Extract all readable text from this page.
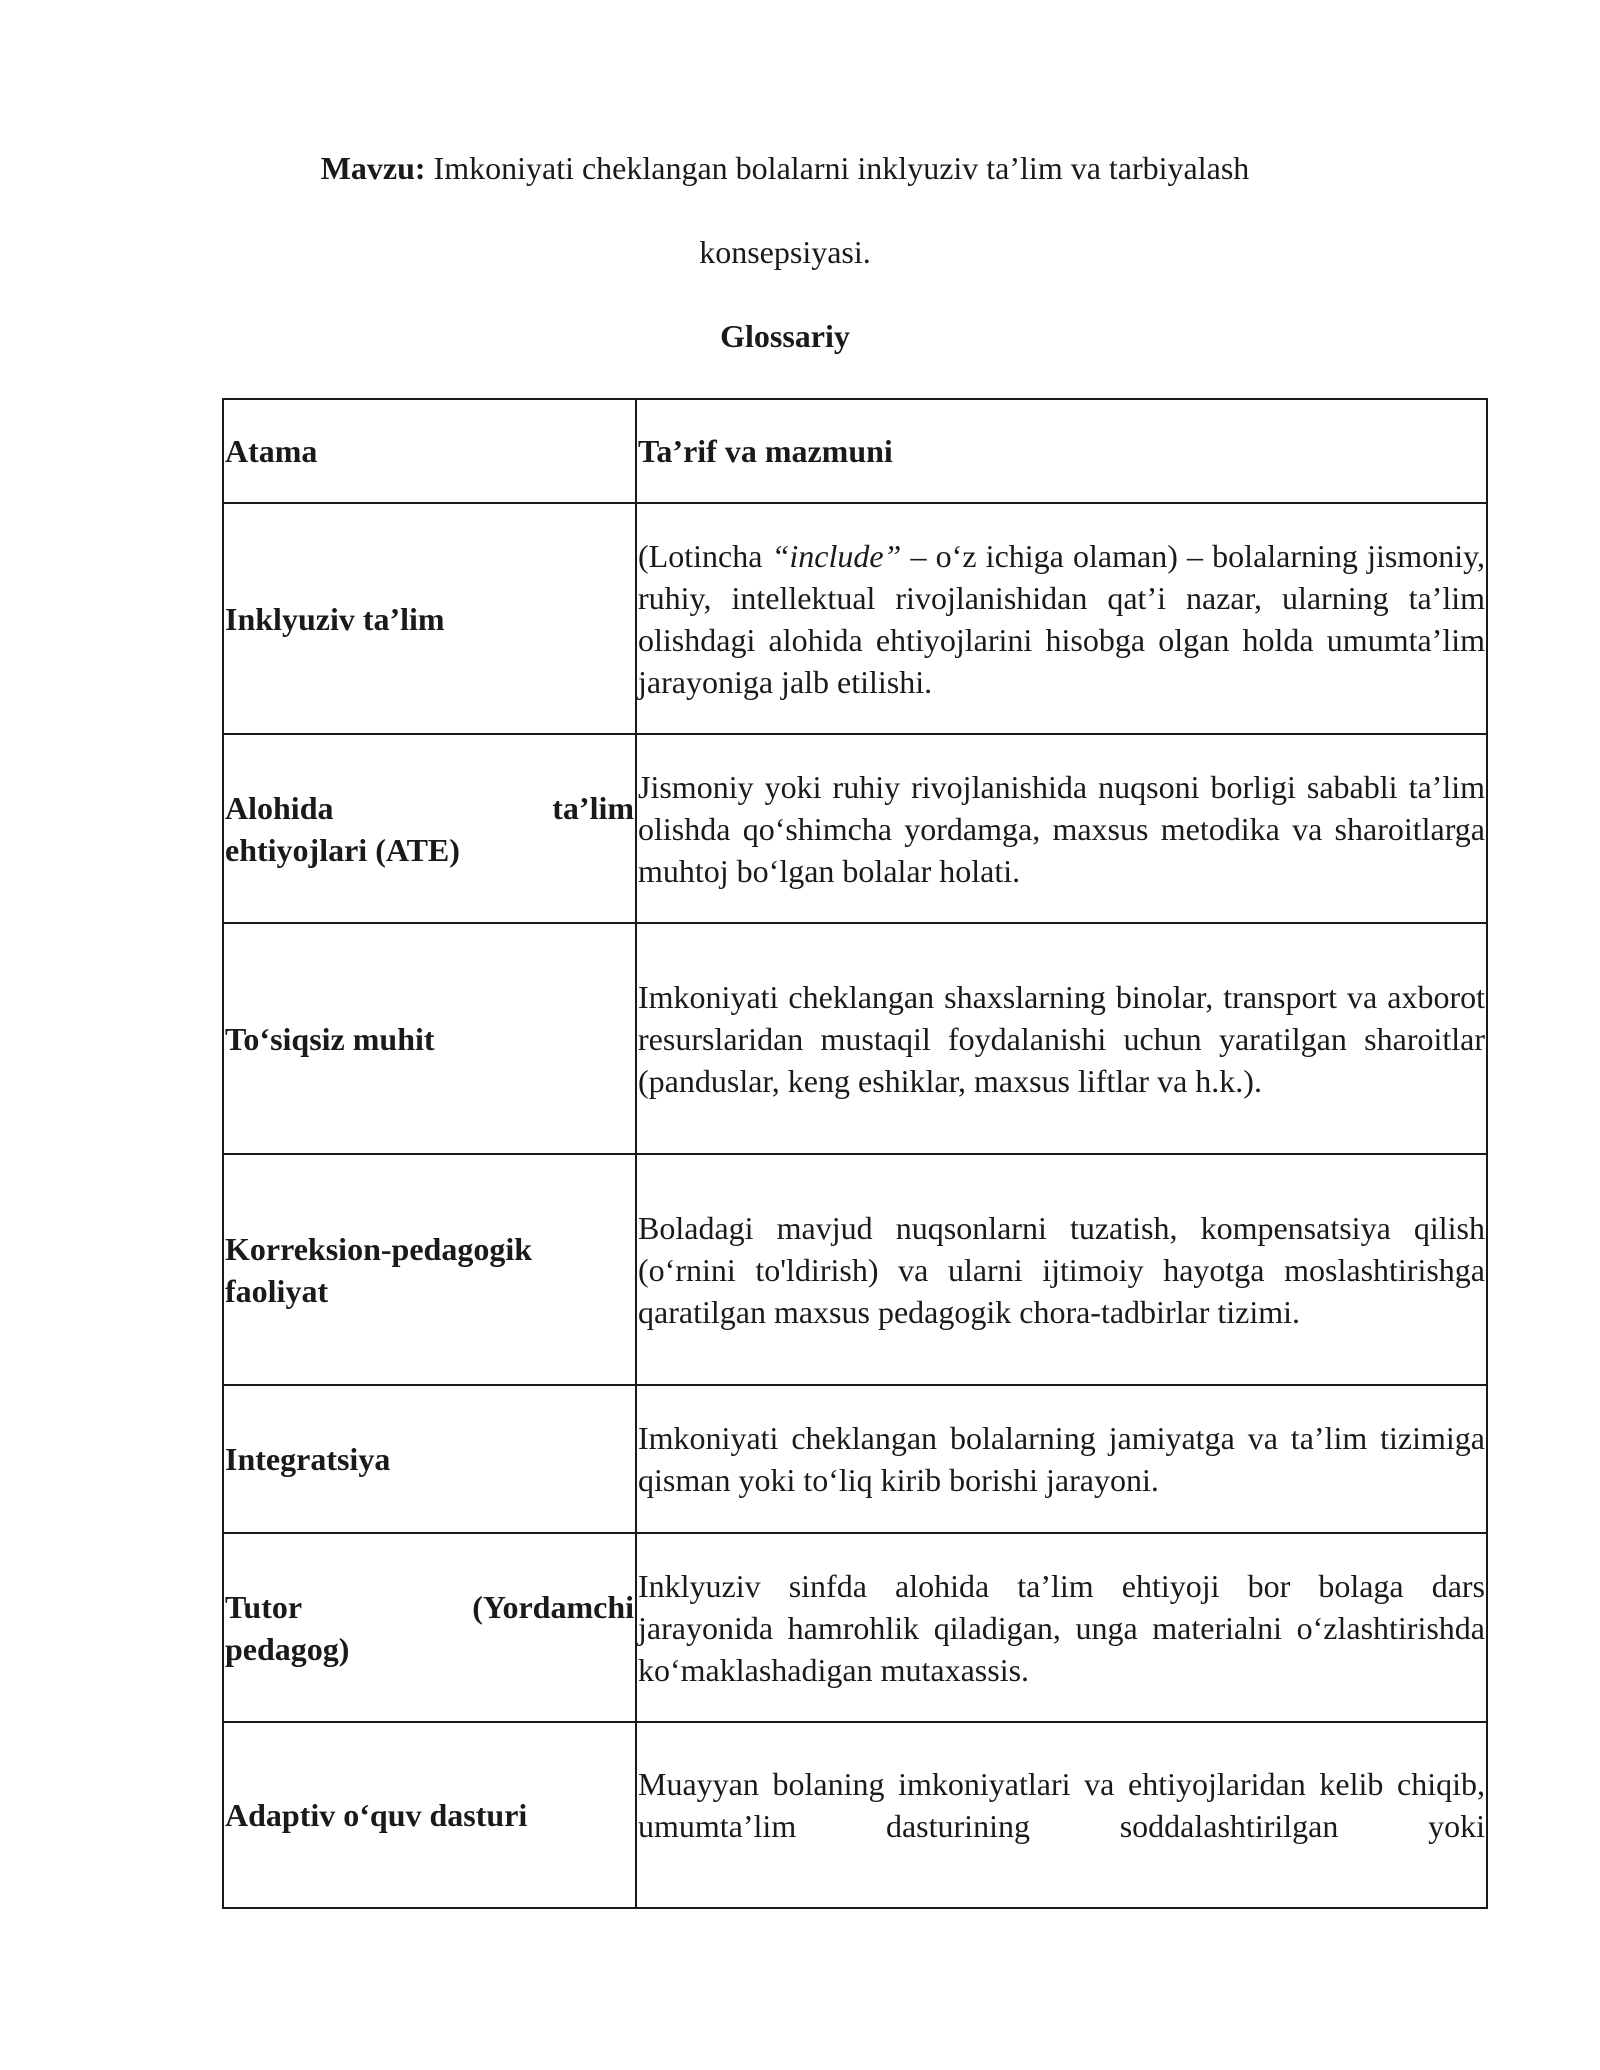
Mavzu: Imkoniyati cheklangan bolalarni inklyuziv ta’lim va tarbiyalash
konsepsiyasi.
Glossariy
Atama	Ta’rif va mazmuni
Inklyuziv ta’lim	(Lotincha “include” – o‘z ichiga olaman) – bolalarning jismoniy, ruhiy, intellektual rivojlanishidan qat’i nazar, ularning ta’lim olishdagi alohida ehtiyojlarini hisobga olgan holda umumta’lim jarayoniga jalb etilishi.

Alohida ta’lim
ehtiyojlari (ATE)	Jismoniy yoki ruhiy rivojlanishida nuqsoni borligi sababli ta’lim olishda qo‘shimcha yordamga, maxsus metodika va sharoitlarga muhtoj bo‘lgan bolalar holati.
To‘siqsiz muhit	Imkoniyati cheklangan shaxslarning binolar, transport va axborot resurslaridan mustaqil foydalanishi uchun yaratilgan sharoitlar (panduslar, keng eshiklar, maxsus liftlar va h.k.).
Korreksion-pedagogik faoliyat	Boladagi mavjud nuqsonlarni tuzatish, kompensatsiya qilish (o‘rnini to'ldirish) va ularni ijtimoiy hayotga moslashtirishga qaratilgan maxsus pedagogik chora-tadbirlar tizimi.
Integratsiya	Imkoniyati cheklangan bolalarning jamiyatga va ta’lim tizimiga qisman yoki to‘liq kirib borishi jarayoni.

Tutor (Yordamchi
pedagog)	Inklyuziv sinfda alohida ta’lim ehtiyoji bor bolaga dars jarayonida hamrohlik qiladigan, unga materialni o‘zlashtirishda ko‘maklashadigan mutaxassis.
Adaptiv o‘quv dasturi	Muayyan bolaning imkoniyatlari va ehtiyojlaridan kelib chiqib, umumta’lim dasturining soddalashtirilgan yoki
